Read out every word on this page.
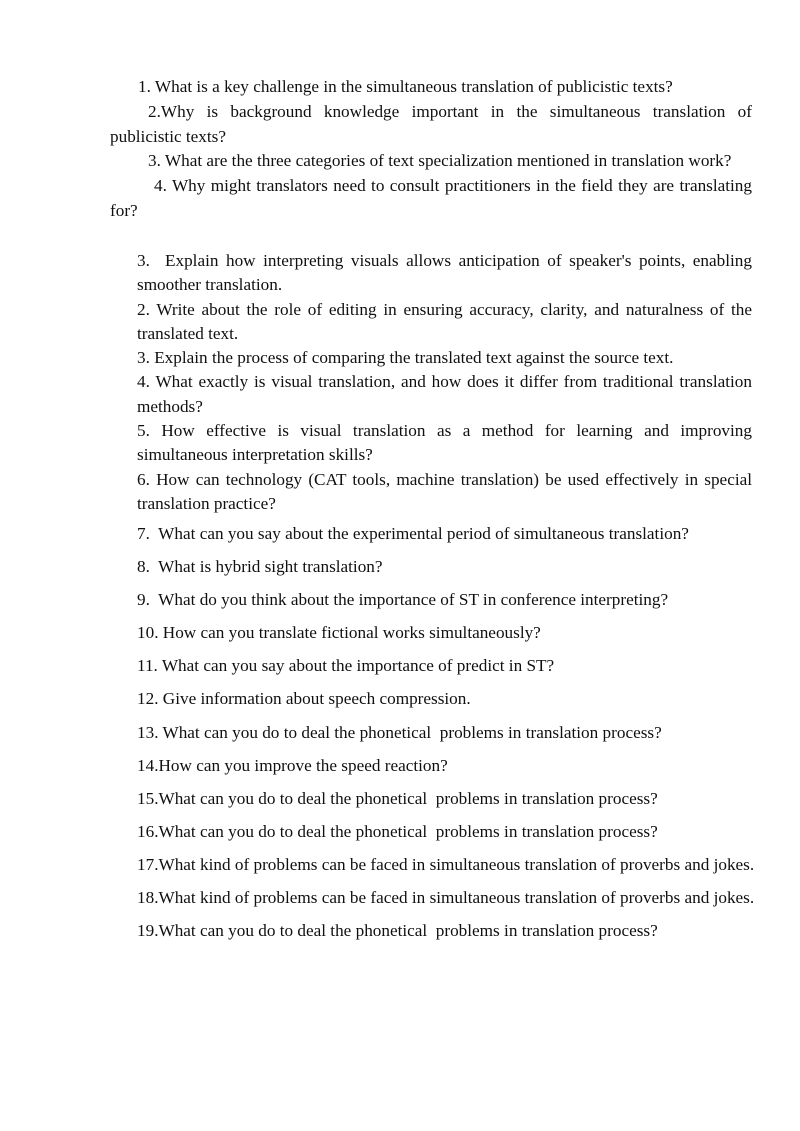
1. What is a key challenge in the simultaneous translation of publicistic texts?

2.Why is background knowledge important in the simultaneous translation of publicistic texts?

3. What are the three categories of text specialization mentioned in translation work?

4. Why might translators need to consult practitioners in the field they are translating for?

3.  Explain how interpreting visuals allows anticipation of speaker's points, enabling smoother translation.

2. Write about the role of editing in ensuring accuracy, clarity, and naturalness of the translated text.

3. Explain the process of comparing the translated text against the source text.

4. What exactly is visual translation, and how does it differ from traditional translation methods?

5. How effective is visual translation as a method for learning and improving simultaneous interpretation skills?

6. How can technology (CAT tools, machine translation) be used effectively in special translation practice?

7.  What can you say about the experimental period of simultaneous translation?

8.  What is hybrid sight translation?

9.  What do you think about the importance of ST in conference interpreting?

10. How can you translate fictional works simultaneously?

11. What can you say about the importance of predict in ST?

12. Give information about speech compression.

13. What can you do to deal the phonetical  problems in translation process?

14.How can you improve the speed reaction?

15.What can you do to deal the phonetical  problems in translation process?

16.What can you do to deal the phonetical  problems in translation process?

17.What kind of problems can be faced in simultaneous translation of proverbs and jokes.

18.What kind of problems can be faced in simultaneous translation of proverbs and jokes.

19.What can you do to deal the phonetical  problems in translation process?
